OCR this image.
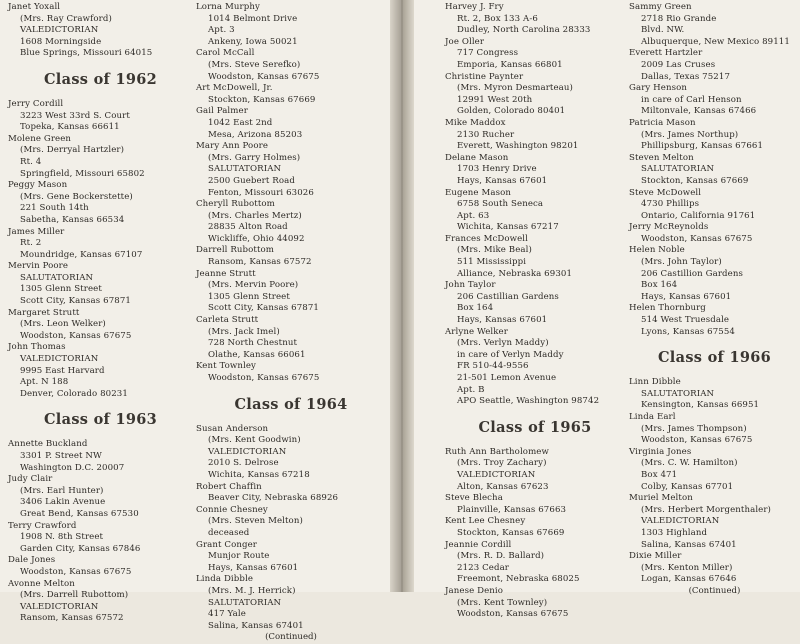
Janet Yoxall
(Mrs. Ray Crawford)
VALEDICTORIAN
1608 Morningside
Blue Springs, Missouri 64015
Class of 1962
Jerry Cordill
3223 West 33rd S. Court
Topeka, Kansas 66611
Molene Green
(Mrs. Derryal Hartzler)
Rt. 4
Springfield, Missouri 65802
Peggy Mason
(Mrs. Gene Bockerstette)
221 South 14th
Sabetha, Kansas 66534
James Miller
Rt. 2
Moundridge, Kansas 67107
Mervin Poore
SALUTATORIAN
1305 Glenn Street
Scott City, Kansas 67871
Margaret Strutt
(Mrs. Leon Welker)
Woodston, Kansas 67675
John Thomas
VALEDICTORIAN
9995 East Harvard
Apt. N 188
Denver, Colorado 80231
Class of 1963
Annette Buckland
3301 P. Street NW
Washington D.C. 20007
Judy Clair
(Mrs. Earl Hunter)
3406 Lakin Avenue
Great Bend, Kansas 67530
Terry Crawford
1908 N. 8th Street
Garden City, Kansas 67846
Dale Jones
Woodston, Kansas 67675
Avonne Melton
(Mrs. Darrell Rubottom)
VALEDICTORIAN
Ransom, Kansas 67572
Lorna Murphy
1014 Belmont Drive
Apt. 3
Ankeny, Iowa 50021
Carol McCall
(Mrs. Steve Serefko)
Woodston, Kansas 67675
Art McDowell, Jr.
Stockton, Kansas 67669
Gail Palmer
1042 East 2nd
Mesa, Arizona 85203
Mary Ann Poore
(Mrs. Garry Holmes)
SALUTATORIAN
2500 Guebert Road
Fenton, Missouri 63026
Cheryll Rubottom
(Mrs. Charles Mertz)
28835 Alton Road
Wickliffe, Ohio 44092
Darrell Rubottom
Ransom, Kansas 67572
Jeanne Strutt
(Mrs. Mervin Poore)
1305 Glenn Street
Scott City, Kansas 67871
Carleta Strutt
(Mrs. Jack Imel)
728 North Chestnut
Olathe, Kansas 66061
Kent Townley
Woodston, Kansas 67675
Class of 1964
Susan Anderson
(Mrs. Kent Goodwin)
VALEDICTORIAN
2010 S. Delrose
Wichita, Kansas 67218
Robert Chaffin
Beaver City, Nebraska 68926
Connie Chesney
(Mrs. Steven Melton)
deceased
Grant Conger
Munjor Route
Hays, Kansas 67601
Linda Dibble
(Mrs. M. J. Herrick)
SALUTATORIAN
417 Yale
Salina, Kansas 67401
(Continued)
Harvey J. Fry
Rt. 2, Box 133 A-6
Dudley, North Carolina 28333
Joe Oller
717 Congress
Emporia, Kansas 66801
Christine Paynter
(Mrs. Myron Desmarteau)
12991 West 20th
Golden, Colorado 80401
Mike Maddox
2130 Rucher
Everett, Washington 98201
Delane Mason
1703 Henry Drive
Hays, Kansas 67601
Eugene Mason
6758 South Seneca
Apt. 63
Wichita, Kansas 67217
Frances McDowell
(Mrs. Mike Beal)
511 Mississippi
Alliance, Nebraska 69301
John Taylor
206 Castillian Gardens
Box 164
Hays, Kansas 67601
Arlyne Welker
(Mrs. Verlyn Maddy)
in care of Verlyn Maddy
FR 510-44-9556
21-501 Lemon Avenue
Apt. B
APO Seattle, Washington 98742
Class of 1965
Ruth Ann Bartholomew
(Mrs. Troy Zachary)
VALEDICTORIAN
Alton, Kansas 67623
Steve Blecha
Plainville, Kansas 67663
Kent Lee Chesney
Stockton, Kansas 67669
Jeannie Cordill
(Mrs. R. D. Ballard)
2123 Cedar
Freemont, Nebraska 68025
Janese Denio
(Mrs. Kent Townley)
Woodston, Kansas 67675
Sammy Green
2718 Rio Grande
Blvd. NW.
Albuquerque, New Mexico 89111
Everett Hartzler
2009 Las Cruses
Dallas, Texas 75217
Gary Henson
in care of Carl Henson
Miltonvale, Kansas 67466
Patricia Mason
(Mrs. James Northup)
Phillipsburg, Kansas 67661
Steven Melton
SALUTATORIAN
Stockton, Kansas 67669
Steve McDowell
4730 Phillips
Ontario, California 91761
Jerry McReynolds
Woodston, Kansas 67675
Helen Noble
(Mrs. John Taylor)
206 Castillion Gardens
Box 164
Hays, Kansas 67601
Helen Thornburg
514 West Truesdale
Lyons, Kansas 67554
Class of 1966
Linn Dibble
SALUTATORIAN
Kensington, Kansas 66951
Linda Earl
(Mrs. James Thompson)
Woodston, Kansas 67675
Virginia Jones
(Mrs. C. W. Hamilton)
Box 471
Colby, Kansas 67701
Muriel Melton
(Mrs. Herbert Morgenthaler)
VALEDICTORIAN
1303 Highland
Salina, Kansas 67401
Dixie Miller
(Mrs. Kenton Miller)
Logan, Kansas 67646
(Continued)
